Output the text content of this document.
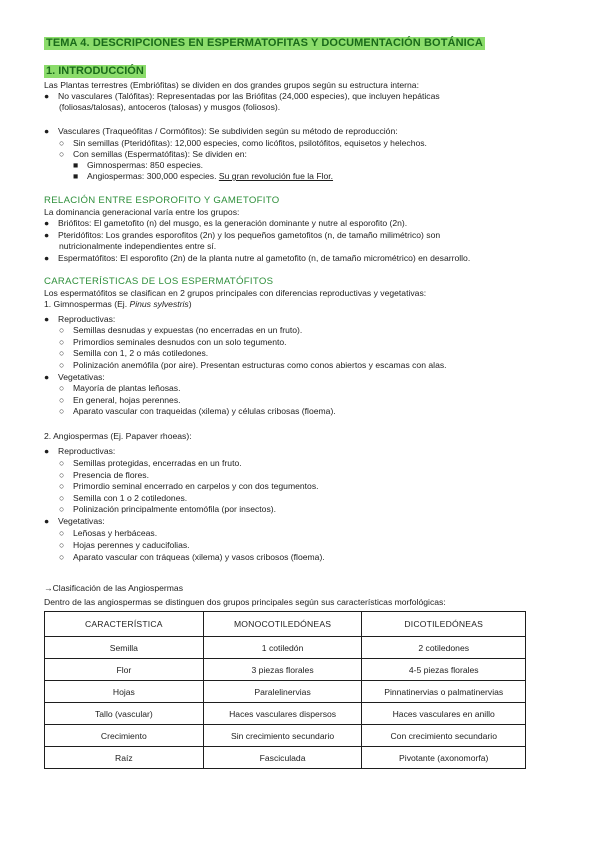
TEMA 4. DESCRIPCIONES EN ESPERMATOFITAS Y DOCUMENTACIÓN BOTÁNICA
1. INTRODUCCIÓN
Las Plantas terrestres (Embriófitas) se dividen en dos grandes grupos según su estructura interna:
● No vasculares (Talófitas): Representadas por las Briófitas (24,000 especies), que incluyen hepáticas
(foliosas/talosas), antoceros (talosas) y musgos (foliosos).
● Vasculares (Traqueófitas / Cormófitos): Se subdividen según su método de reproducción:
○ Sin semillas (Pteridófitas): 12,000 especies, como licófitos, psilotófitos, equisetos y helechos.
○ Con semillas (Espermatófitas): Se dividen en:
■ Gimnospermas: 850 especies.
■ Angiospermas: 300,000 especies. Su gran revolución fue la Flor.
RELACIÓN ENTRE ESPOROFITO Y GAMETOFITO
La dominancia generacional varía entre los grupos:
● Briófitos: El gametofito (n) del musgo, es la generación dominante y nutre al esporofito (2n).
● Pteridófitos: Los grandes esporofitos (2n) y los pequeños gametofitos (n, de tamaño milimétrico) son
nutricionalmente independientes entre sí.
● Espermatófitos: El esporofito (2n) de la planta nutre al gametofito (n, de tamaño micrométrico) en desarrollo.
CARACTERÍSTICAS DE LOS ESPERMATÓFITOS
Los espermatófitos se clasifican en 2 grupos principales con diferencias reproductivas y vegetativas:
1. Gimnospermas (Ej. Pinus sylvestris)
● Reproductivas:
○ Semillas desnudas y expuestas (no encerradas en un fruto).
○ Primordios seminales desnudos con un solo tegumento.
○ Semilla con 1, 2 o más cotiledones.
○ Polinización anemófila (por aire). Presentan estructuras como conos abiertos y escamas con alas.
● Vegetativas:
○ Mayoría de plantas leñosas.
○ En general, hojas perennes.
○ Aparato vascular con traqueidas (xilema) y células cribosas (floema).
2. Angiospermas (Ej. Papaver rhoeas):
● Reproductivas:
○ Semillas protegidas, encerradas en un fruto.
○ Presencia de flores.
○ Primordio seminal encerrado en carpelos y con dos tegumentos.
○ Semilla con 1 o 2 cotiledones.
○ Polinización principalmente entomófila (por insectos).
● Vegetativas:
○ Leñosas y herbáceas.
○ Hojas perennes y caducifolias.
○ Aparato vascular con tráqueas (xilema) y vasos cribosos (floema).
→Clasificación de las Angiospermas
Dentro de las angiospermas se distinguen dos grupos principales según sus características morfológicas:
CARACTERÍSTICA	MONOCOTILEDÓNEAS	DICOTILEDÓNEAS
Semilla	1 cotiledón	2 cotiledones
Flor	3 piezas florales	4-5 piezas florales
Hojas	Paralelinervias	Pinnatinervias o palmatinervias
Tallo (vascular)	Haces vasculares dispersos	Haces vasculares en anillo
Crecimiento	Sin crecimiento secundario	Con crecimiento secundario
Raíz	Fasciculada	Pivotante (axonomorfa)
